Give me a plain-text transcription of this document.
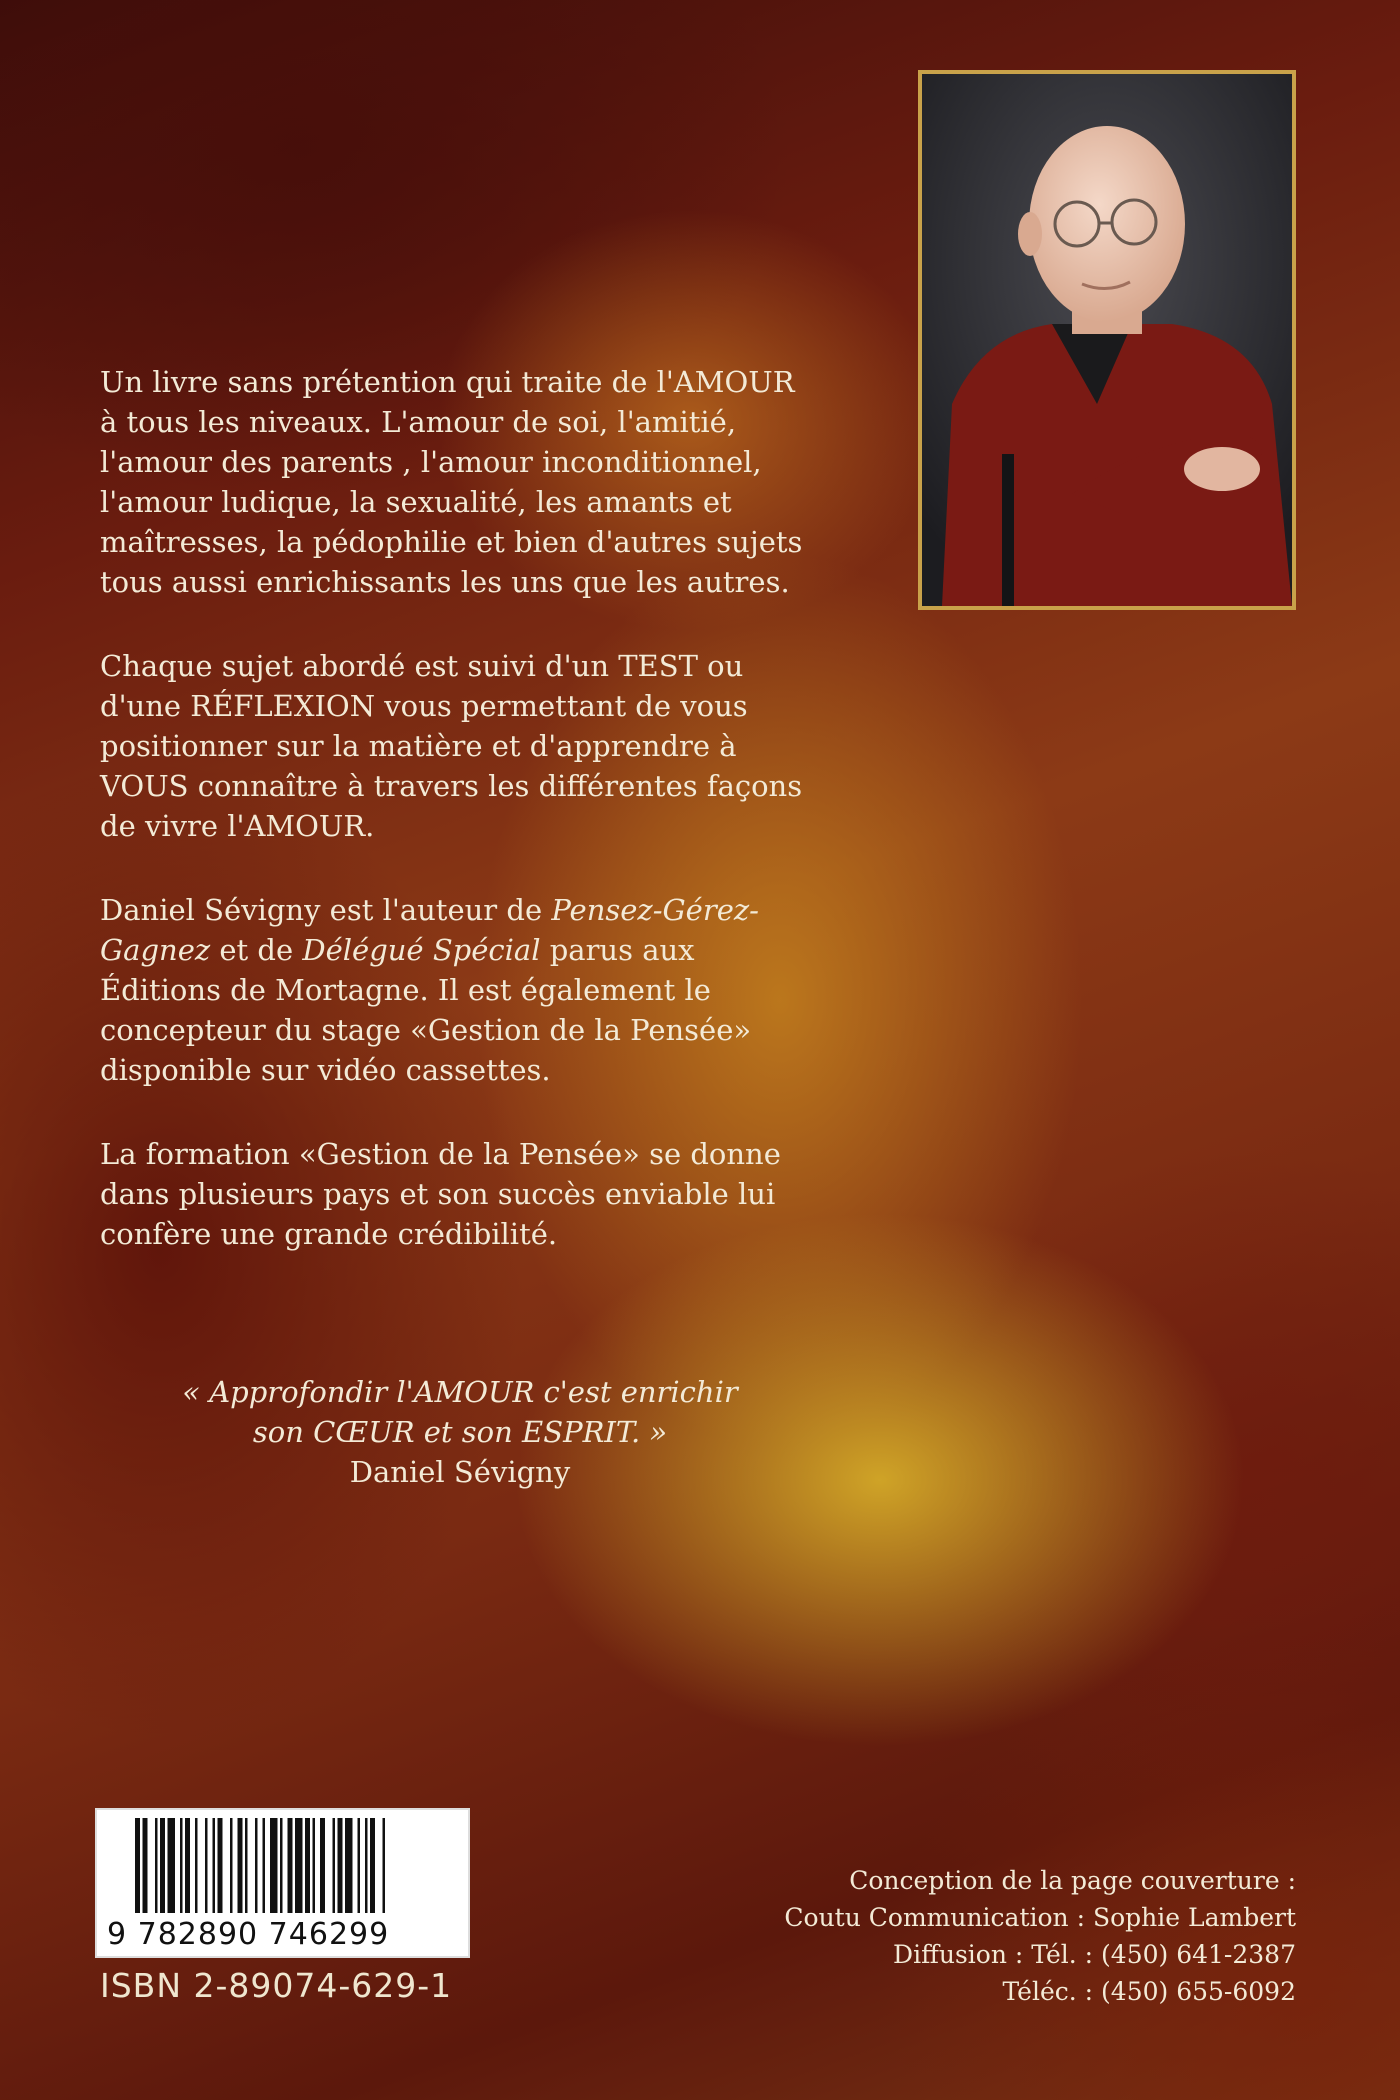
Un livre sans prétention qui traite de l'AMOUR à tous les niveaux. L'amour de soi, l'amitié, l'amour des parents , l'amour inconditionnel, l'amour ludique, la sexualité, les amants et maîtresses, la pédophilie et bien d'autres sujets tous aussi enrichissants les uns que les autres.

Chaque sujet abordé est suivi d'un TEST ou d'une RÉFLEXION vous permettant de vous positionner sur la matière et d'apprendre à VOUS connaître à travers les différentes façons de vivre l'AMOUR.

Daniel Sévigny est l'auteur de Pensez-Gérez-Gagnez et de Délégué Spécial parus aux Éditions de Mortagne. Il est également le concepteur du stage «Gestion de la Pensée» disponible sur vidéo cassettes.

La formation «Gestion de la Pensée» se donne dans plusieurs pays et son succès enviable lui confère une grande crédibilité.

« Approfondir l'AMOUR c'est enrichir
son CŒUR et son ESPRIT. »
Daniel Sévigny
9 782890 746299
ISBN 2-89074-629-1
Conception de la page couverture :
Coutu Communication : Sophie Lambert
Diffusion : Tél. : (450) 641-2387
Téléc. : (450) 655-6092
